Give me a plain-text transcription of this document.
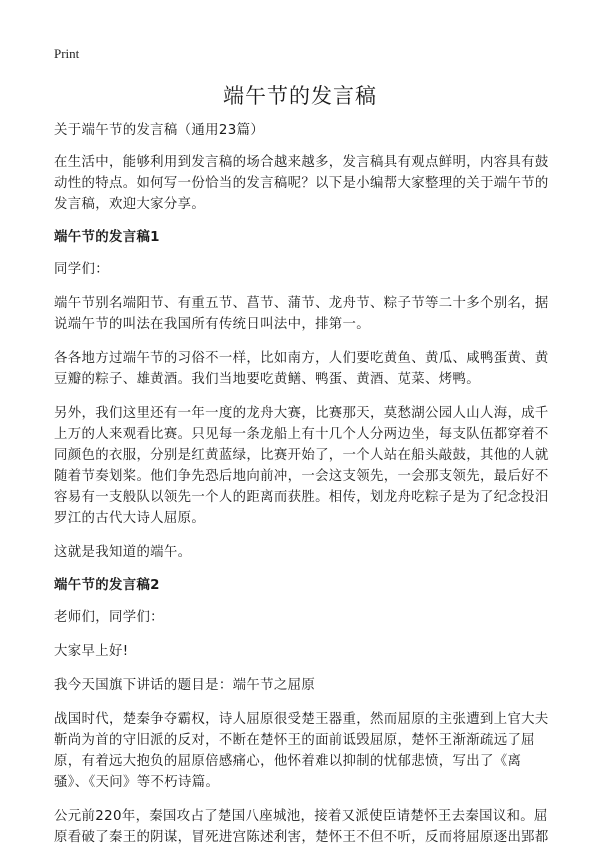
Print
端午节的发言稿

关于端午节的发言稿（通用23篇）

在生活中，能够利用到发言稿的场合越来越多，发言稿具有观点鲜明，内容具有鼓动性的特点。如何写一份恰当的发言稿呢？以下是小编帮大家整理的关于端午节的发言稿，欢迎大家分享。

端午节的发言稿1

同学们：

端午节别名端阳节、有重五节、菖节、蒲节、龙舟节、粽子节等二十多个别名，据说端午节的叫法在我国所有传统日叫法中，排第一。

各各地方过端午节的习俗不一样，比如南方，人们要吃黄鱼、黄瓜、咸鸭蛋黄、黄豆瓣的粽子、雄黄酒。我们当地要吃黄鳝、鸭蛋、黄酒、苋菜、烤鸭。

另外，我们这里还有一年一度的龙舟大赛，比赛那天，莫愁湖公园人山人海，成千上万的人来观看比赛。只见每一条龙船上有十几个人分两边坐，每支队伍都穿着不同颜色的衣服，分别是红黄蓝绿，比赛开始了，一个人站在船头敲鼓，其他的人就随着节奏划桨。他们争先恐后地向前冲，一会这支领先，一会那支领先，最后好不容易有一支般队以领先一个人的距离而获胜。相传，划龙舟吃粽子是为了纪念投汨罗江的古代大诗人屈原。

这就是我知道的端午。

端午节的发言稿2

老师们，同学们：

大家早上好!

我今天国旗下讲话的题目是：端午节之屈原

战国时代，楚秦争夺霸权，诗人屈原很受楚王器重，然而屈原的主张遭到上官大夫靳尚为首的守旧派的反对，不断在楚怀王的面前诋毁屈原，楚怀王渐渐疏远了屈原，有着远大抱负的屈原倍感痛心，他怀着难以抑制的忧郁悲愤，写出了《离骚》、《天问》等不朽诗篇。

公元前220年，秦国攻占了楚国八座城池，接着又派使臣请楚怀王去秦国议和。屈原看破了秦王的阴谋，冒死进宫陈述利害，楚怀王不但不听，反而将屈原逐出郢都
